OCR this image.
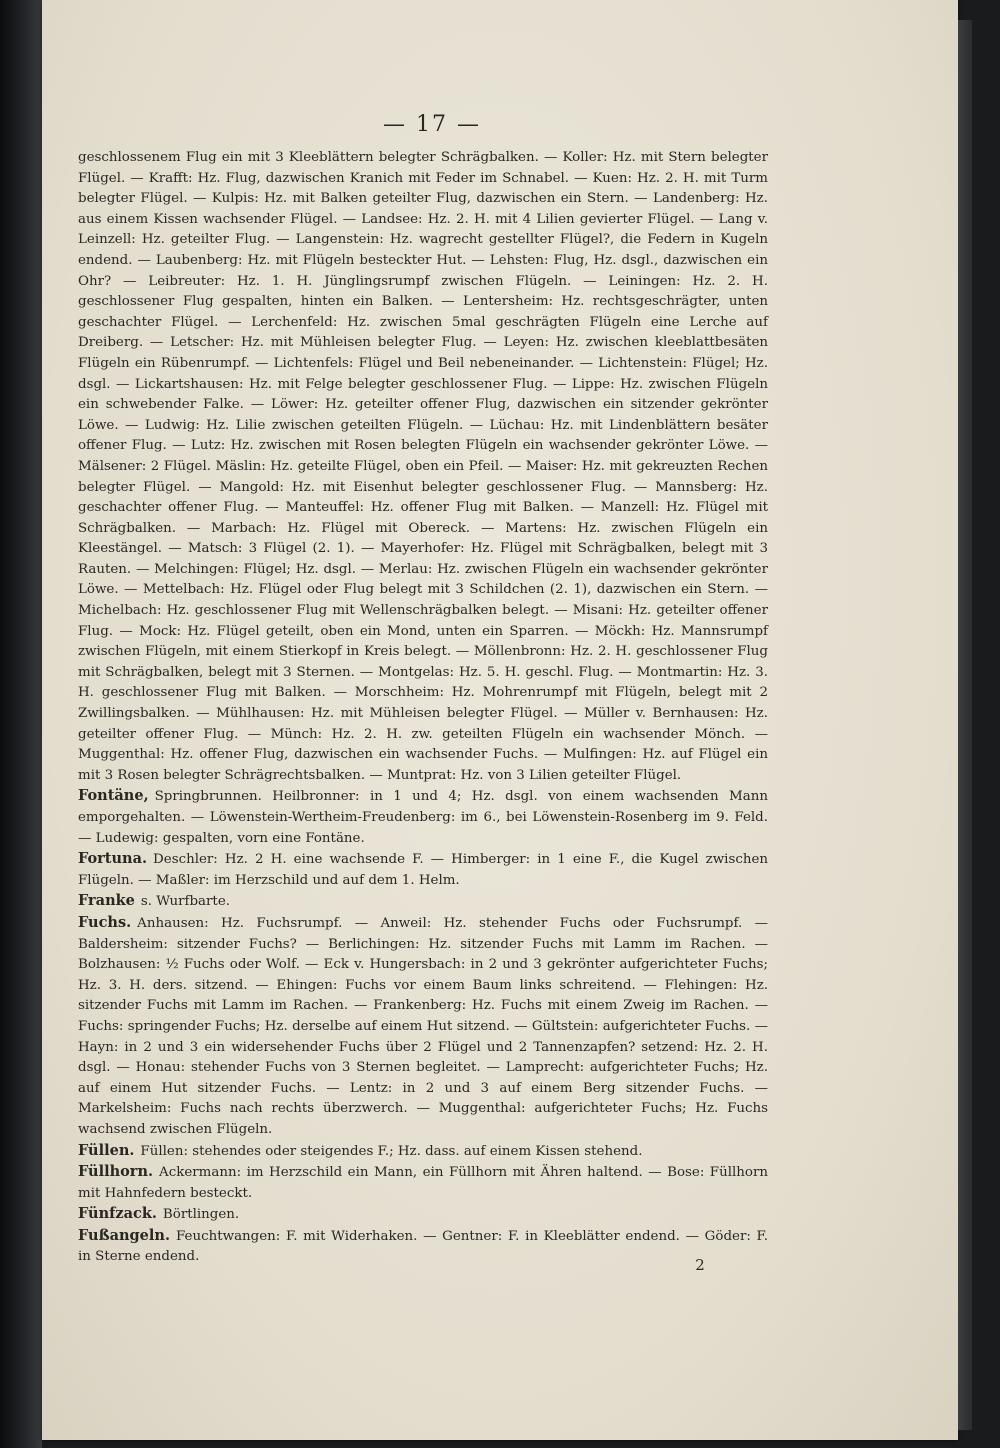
— 17 —

geschlossenem Flug ein mit 3 Kleeblättern belegter Schrägbalken. — Koller: Hz. mit Stern belegter Flügel. — Krafft: Hz. Flug, dazwischen Kranich mit Feder im Schnabel. — Kuen: Hz. 2. H. mit Turm belegter Flügel. — Kulpis: Hz. mit Balken geteilter Flug, dazwischen ein Stern. — Landenberg: Hz. aus einem Kissen wachsender Flügel. — Landsee: Hz. 2. H. mit 4 Lilien gevierter Flügel. — Lang v. Leinzell: Hz. geteilter Flug. — Langenstein: Hz. wagrecht gestellter Flügel?, die Federn in Kugeln endend. — Laubenberg: Hz. mit Flügeln besteckter Hut. — Lehsten: Flug, Hz. dsgl., dazwischen ein Ohr? — Leibreuter: Hz. 1. H. Jünglingsrumpf zwischen Flügeln. — Leiningen: Hz. 2. H. geschlossener Flug gespalten, hinten ein Balken. — Lentersheim: Hz. rechtsgeschrägter, unten geschachter Flügel. — Lerchenfeld: Hz. zwischen 5mal geschrägten Flügeln eine Lerche auf Dreiberg. — Letscher: Hz. mit Mühleisen belegter Flug. — Leyen: Hz. zwischen kleeblattbesäten Flügeln ein Rübenrumpf. — Lichtenfels: Flügel und Beil nebeneinander. — Lichtenstein: Flügel; Hz. dsgl. — Lickartshausen: Hz. mit Felge belegter geschlossener Flug. — Lippe: Hz. zwischen Flügeln ein schwebender Falke. — Löwer: Hz. geteilter offener Flug, dazwischen ein sitzender gekrönter Löwe. — Ludwig: Hz. Lilie zwischen geteilten Flügeln. — Lüchau: Hz. mit Lindenblättern besäter offener Flug. — Lutz: Hz. zwischen mit Rosen belegten Flügeln ein wachsender gekrönter Löwe. — Mälsener: 2 Flügel. Mäslin: Hz. geteilte Flügel, oben ein Pfeil. — Maiser: Hz. mit gekreuzten Rechen belegter Flügel. — Mangold: Hz. mit Eisenhut belegter geschlossener Flug. — Mannsberg: Hz. geschachter offener Flug. — Manteuffel: Hz. offener Flug mit Balken. — Manzell: Hz. Flügel mit Schrägbalken. — Marbach: Hz. Flügel mit Obereck. — Martens: Hz. zwischen Flügeln ein Kleestängel. — Matsch: 3 Flügel (2. 1). — Mayerhofer: Hz. Flügel mit Schrägbalken, belegt mit 3 Rauten. — Melchingen: Flügel; Hz. dsgl. — Merlau: Hz. zwischen Flügeln ein wachsender gekrönter Löwe. — Mettelbach: Hz. Flügel oder Flug belegt mit 3 Schildchen (2. 1), dazwischen ein Stern. — Michelbach: Hz. geschlossener Flug mit Wellenschrägbalken belegt. — Misani: Hz. geteilter offener Flug. — Mock: Hz. Flügel geteilt, oben ein Mond, unten ein Sparren. — Möckh: Hz. Mannsrumpf zwischen Flügeln, mit einem Stierkopf in Kreis belegt. — Möllenbronn: Hz. 2. H. geschlossener Flug mit Schrägbalken, belegt mit 3 Sternen. — Montgelas: Hz. 5. H. geschl. Flug. — Montmartin: Hz. 3. H. geschlossener Flug mit Balken. — Morschheim: Hz. Mohrenrumpf mit Flügeln, belegt mit 2 Zwillingsbalken. — Mühlhausen: Hz. mit Mühleisen belegter Flügel. — Müller v. Bernhausen: Hz. geteilter offener Flug. — Münch: Hz. 2. H. zw. geteilten Flügeln ein wachsender Mönch. — Muggenthal: Hz. offener Flug, dazwischen ein wachsender Fuchs. — Mulfingen: Hz. auf Flügel ein mit 3 Rosen belegter Schrägrechtsbalken. — Muntprat: Hz. von 3 Lilien geteilter Flügel.

Fontäne, Springbrunnen. Heilbronner: in 1 und 4; Hz. dsgl. von einem wachsenden Mann emporgehalten. — Löwenstein-Wertheim-Freudenberg: im 6., bei Löwenstein-Rosenberg im 9. Feld. — Ludewig: gespalten, vorn eine Fontäne.

Fortuna. Deschler: Hz. 2 H. eine wachsende F. — Himberger: in 1 eine F., die Kugel zwischen Flügeln. — Maßler: im Herzschild und auf dem 1. Helm.

Franke s. Wurfbarte.

Fuchs. Anhausen: Hz. Fuchsrumpf. — Anweil: Hz. stehender Fuchs oder Fuchsrumpf. — Baldersheim: sitzender Fuchs? — Berlichingen: Hz. sitzender Fuchs mit Lamm im Rachen. — Bolzhausen: ½ Fuchs oder Wolf. — Eck v. Hungersbach: in 2 und 3 gekrönter aufgerichteter Fuchs; Hz. 3. H. ders. sitzend. — Ehingen: Fuchs vor einem Baum links schreitend. — Flehingen: Hz. sitzender Fuchs mit Lamm im Rachen. — Frankenberg: Hz. Fuchs mit einem Zweig im Rachen. — Fuchs: springender Fuchs; Hz. derselbe auf einem Hut sitzend. — Gültstein: aufgerichteter Fuchs. — Hayn: in 2 und 3 ein widersehender Fuchs über 2 Flügel und 2 Tannenzapfen? setzend: Hz. 2. H. dsgl. — Honau: stehender Fuchs von 3 Sternen begleitet. — Lamprecht: aufgerichteter Fuchs; Hz. auf einem Hut sitzender Fuchs. — Lentz: in 2 und 3 auf einem Berg sitzender Fuchs. — Markelsheim: Fuchs nach rechts überzwerch. — Muggenthal: aufgerichteter Fuchs; Hz. Fuchs wachsend zwischen Flügeln.

Füllen. Füllen: stehendes oder steigendes F.; Hz. dass. auf einem Kissen stehend.

Füllhorn. Ackermann: im Herzschild ein Mann, ein Füllhorn mit Ähren haltend. — Bose: Füllhorn mit Hahnfedern besteckt.

Fünfzack. Börtlingen.

Fußangeln. Feuchtwangen: F. mit Widerhaken. — Gentner: F. in Kleeblätter endend. — Göder: F. in Sterne endend.	2
